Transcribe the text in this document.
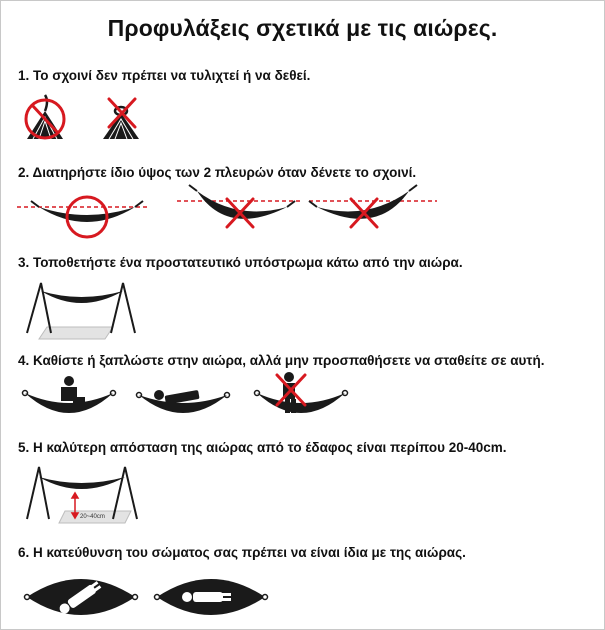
Προφυλάξεις σχετικά με τις αιώρες.
1. Το σχοινί δεν πρέπει να τυλιχτεί ή να δεθεί.
2. Διατηρήστε ίδιο ύψος των 2 πλευρών όταν δένετε το σχοινί.
3. Τοποθετήστε ένα προστατευτικό υπόστρωμα κάτω από την αιώρα.
4. Καθίστε ή ξαπλώστε στην αιώρα, αλλά μην προσπαθήσετε να σταθείτε σε αυτή.
5. Η καλύτερη απόσταση της αιώρας από το έδαφος είναι περίπου 20-40cm.
20~40cm
6. Η κατεύθυνση του σώματος σας πρέπει να είναι ίδια με της αιώρας.
